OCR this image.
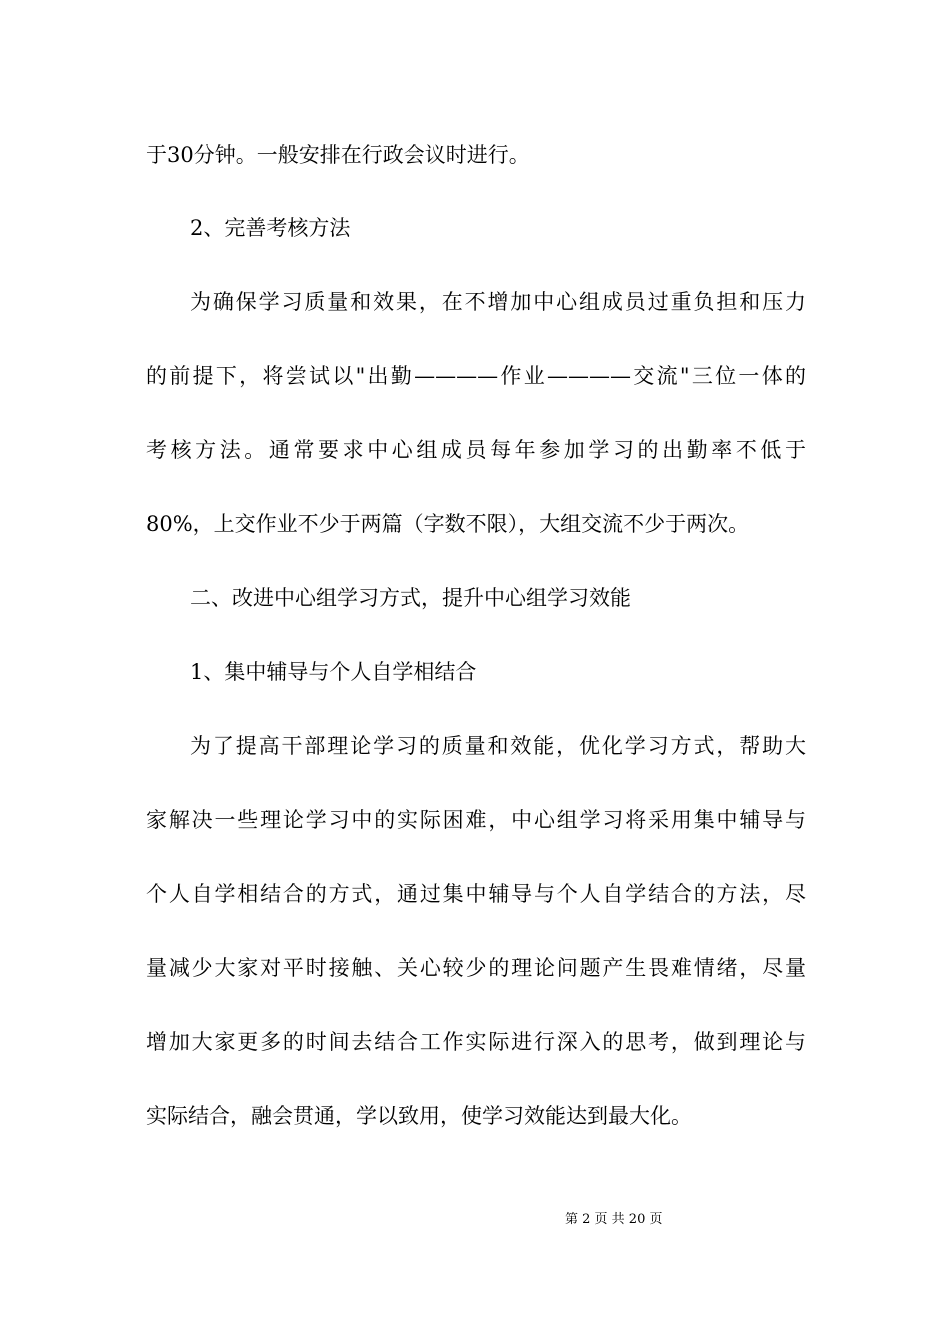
于30分钟。一般安排在行政会议时进行。
2、完善考核方法
为确保学习质量和效果，在不增加中心组成员过重负担和压力
的前提下，将尝试以"出勤————作业————交流"三位一体的
考核方法。通常要求中心组成员每年参加学习的出勤率不低于
80%，上交作业不少于两篇（字数不限），大组交流不少于两次。
二、改进中心组学习方式，提升中心组学习效能
1、集中辅导与个人自学相结合
为了提高干部理论学习的质量和效能，优化学习方式，帮助大
家解决一些理论学习中的实际困难，中心组学习将采用集中辅导与
个人自学相结合的方式，通过集中辅导与个人自学结合的方法，尽
量减少大家对平时接触、关心较少的理论问题产生畏难情绪，尽量
增加大家更多的时间去结合工作实际进行深入的思考，做到理论与
实际结合，融会贯通，学以致用，使学习效能达到最大化。
第 2 页 共 20 页
